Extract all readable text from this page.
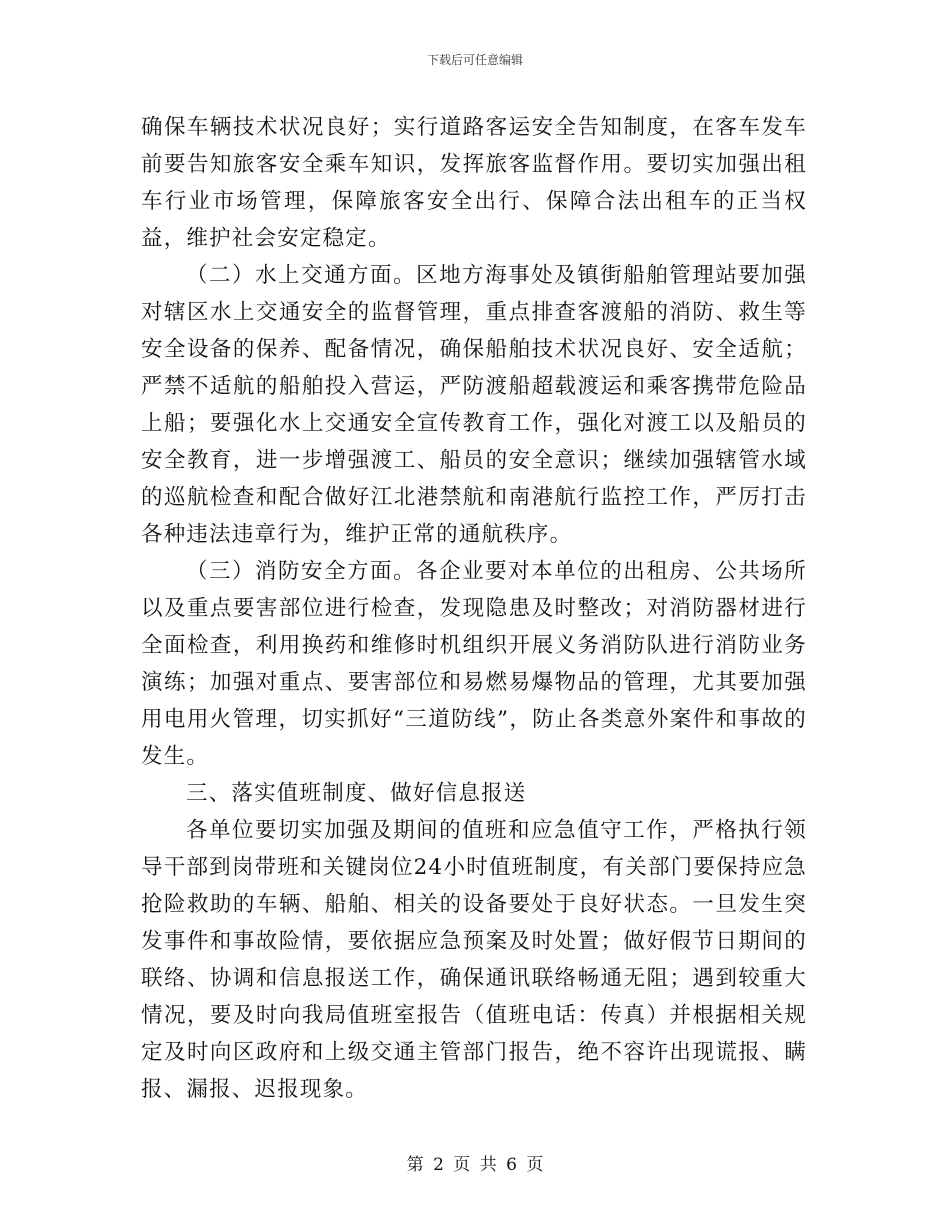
下载后可任意编辑

确保车辆技术状况良好；实行道路客运安全告知制度，在客车发车前要告知旅客安全乘车知识，发挥旅客监督作用。要切实加强出租车行业市场管理，保障旅客安全出行、保障合法出租车的正当权益，维护社会安定稳定。

（二）水上交通方面。区地方海事处及镇街船舶管理站要加强对辖区水上交通安全的监督管理，重点排查客渡船的消防、救生等安全设备的保养、配备情况，确保船舶技术状况良好、安全适航；严禁不适航的船舶投入营运，严防渡船超载渡运和乘客携带危险品上船；要强化水上交通安全宣传教育工作，强化对渡工以及船员的安全教育，进一步增强渡工、船员的安全意识；继续加强辖管水域的巡航检查和配合做好江北港禁航和南港航行监控工作，严厉打击各种违法违章行为，维护正常的通航秩序。

（三）消防安全方面。各企业要对本单位的出租房、公共场所以及重点要害部位进行检查，发现隐患及时整改；对消防器材进行全面检查，利用换药和维修时机组织开展义务消防队进行消防业务演练；加强对重点、要害部位和易燃易爆物品的管理，尤其要加强用电用火管理，切实抓好“三道防线”，防止各类意外案件和事故的发生。

三、落实值班制度、做好信息报送

各单位要切实加强及期间的值班和应急值守工作，严格执行领导干部到岗带班和关键岗位24小时值班制度，有关部门要保持应急抢险救助的车辆、船舶、相关的设备要处于良好状态。一旦发生突发事件和事故险情，要依据应急预案及时处置；做好假节日期间的联络、协调和信息报送工作，确保通讯联络畅通无阻；遇到较重大情况，要及时向我局值班室报告（值班电话：传真）并根据相关规定及时向区政府和上级交通主管部门报告，绝不容许出现谎报、瞒报、漏报、迟报现象。

第 2 页 共 6 页
